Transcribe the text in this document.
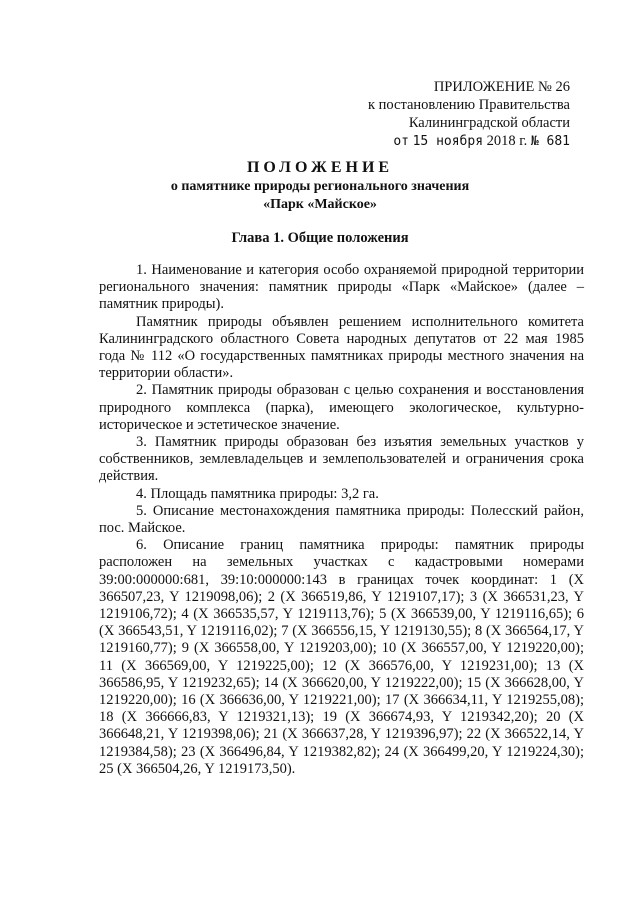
ПРИЛОЖЕНИЕ № 26
к постановлению Правительства
Калининградской области
от 15 ноября 2018 г. № 681
ПОЛОЖЕНИЕ
о памятнике природы регионального значения
«Парк «Майское»
Глава 1. Общие положения

1. Наименование и категория особо охраняемой природной территории регионального значения: памятник природы «Парк «Майское» (далее – памятник природы).

Памятник природы объявлен решением исполнительного комитета Калининградского областного Совета народных депутатов от 22 мая 1985 года № 112 «О государственных памятниках природы местного значения на территории области».

2. Памятник природы образован с целью сохранения и восстановления природного комплекса (парка), имеющего экологическое, культурно-историческое и эстетическое значение.

3. Памятник природы образован без изъятия земельных участков у собственников, землевладельцев и землепользователей и ограничения срока действия.

4. Площадь памятника природы: 3,2 га.

5. Описание местонахождения памятника природы: Полесский район, пос. Майское.

6. Описание границ памятника природы: памятник природы расположен на земельных участках с кадастровыми номерами 39:00:000000:681, 39:10:000000:143 в границах точек координат: 1 (X 366507,23, Y 1219098,06); 2 (X 366519,86, Y 1219107,17); 3 (X 366531,23, Y 1219106,72); 4 (X 366535,57, Y 1219113,76); 5 (X 366539,00, Y 1219116,65); 6 (X 366543,51, Y 1219116,02); 7 (X 366556,15, Y 1219130,55); 8 (X 366564,17, Y 1219160,77); 9 (X 366558,00, Y 1219203,00); 10 (X 366557,00, Y 1219220,00); 11 (X 366569,00, Y 1219225,00); 12 (X 366576,00, Y 1219231,00); 13 (X 366586,95, Y 1219232,65); 14 (X 366620,00, Y 1219222,00); 15 (X 366628,00, Y 1219220,00); 16 (X 366636,00, Y 1219221,00); 17 (X 366634,11, Y 1219255,08); 18 (X 366666,83, Y 1219321,13); 19 (X 366674,93, Y 1219342,20); 20 (X 366648,21, Y 1219398,06); 21 (X 366637,28, Y 1219396,97); 22 (X 366522,14, Y 1219384,58); 23 (X 366496,84, Y 1219382,82); 24 (X 366499,20, Y 1219224,30); 25 (X 366504,26, Y 1219173,50).
